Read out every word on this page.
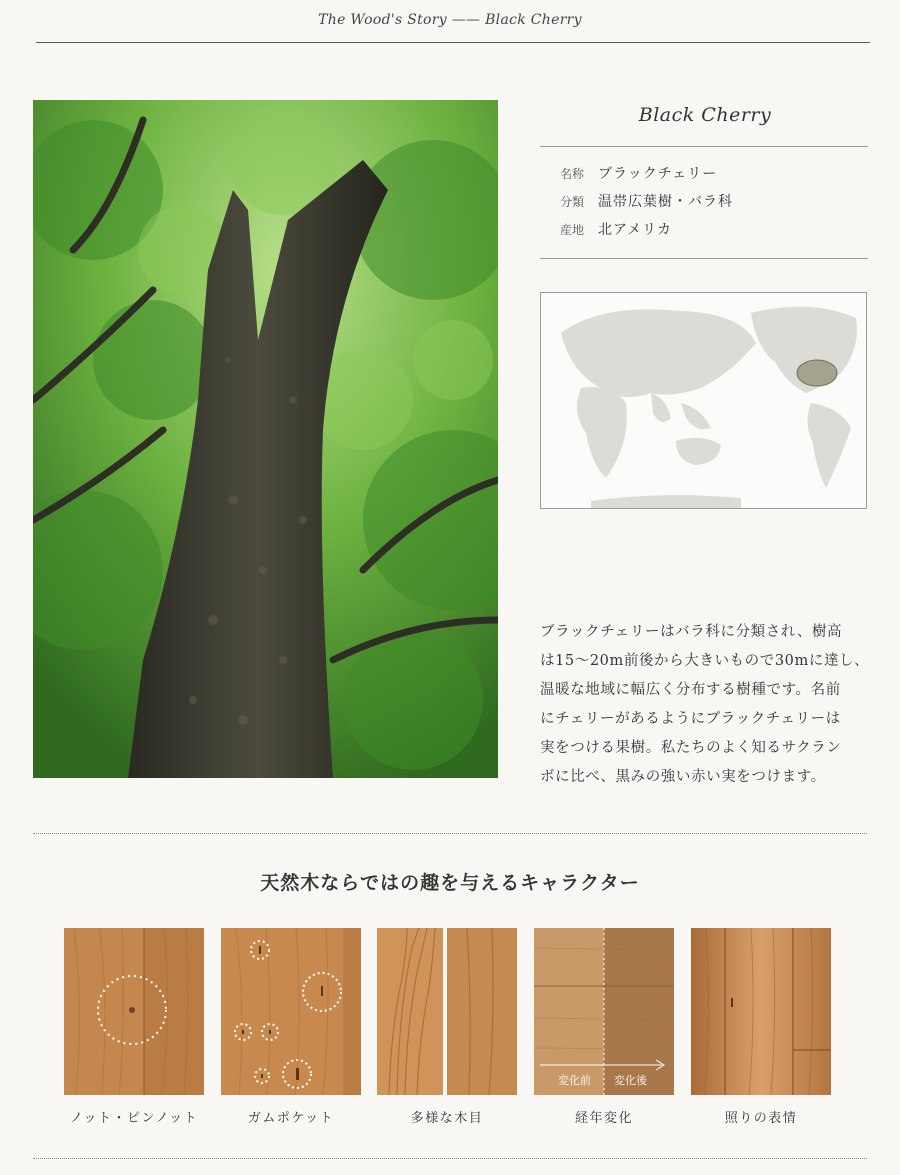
The Wood's Story —— Black Cherry
Black Cherry
名称 ブラックチェリー
分類 温帯広葉樹・バラ科
産地 北アメリカ
ブラックチェリーはバラ科に分類され、樹高
は15～20m前後から大きいもので30mに達し、
温暖な地域に幅広く分布する樹種です。名前
にチェリーがあるようにブラックチェリーは
実をつける果樹。私たちのよく知るサクラン
ボに比べ、黒みの強い赤い実をつけます。
天然木ならではの趣を与えるキャラクター
ノット・ピンノット	ガムポケット	多様な木目
変化前 変化後
経年変化	照りの表情
